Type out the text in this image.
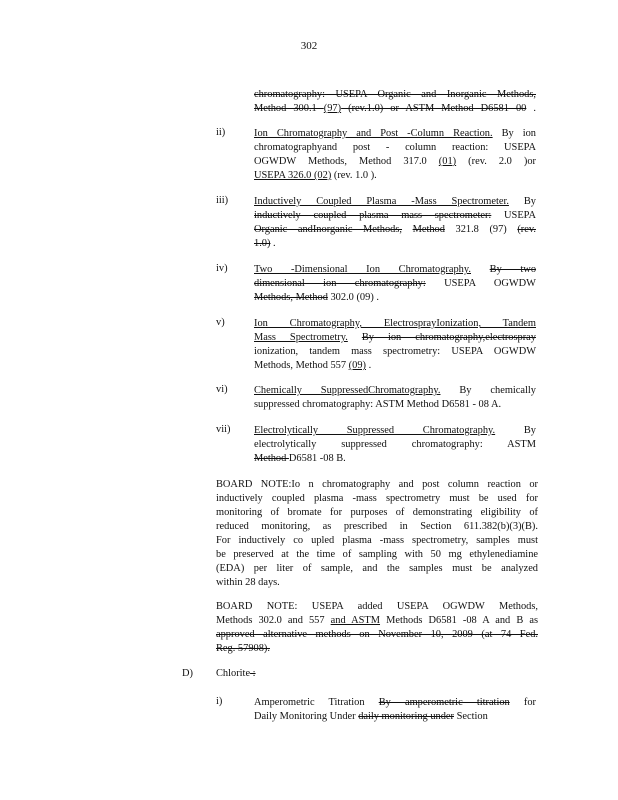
302
chromatography: USEPA Organic and Inorganic Methods,
Method 300.1 (97) (rev.1.0) or ASTM Method D6581 00 .
ii)	Ion Chromatography and Post -Column Reaction. By ion
chromatographyand post - column reaction: USEPA
OGWDW Methods, Method 317.0 (01) (rev. 2.0 )or
USEPA 326.0 (02) (rev. 1.0 ).
iii) Inductively Coupled Plasma -Mass Spectrometer. By
inductively coupled plasma mass spectrometer: USEPA
Organic andInorganic Methods, Method 321.8 (97) (rev.
1.0) .
iv)	Two -Dimensional Ion Chromatography. By two
dimensional ion chromatography: USEPA OGWDW
Methods, Method 302.0 (09) .
v)	Ion Chromatography, ElectrosprayIonization, Tandem
Mass Spectrometry. By ion chromatography,electrospray
ionization, tandem mass spectrometry: USEPA OGWDW
Methods, Method 557 (09) .
vi)	Chemically SuppressedChromatography. By chemically
suppressed chromatography: ASTM Method D6581 - 08 A.
vii) Electrolytically Suppressed Chromatography. By
electrolytically suppressed chromatography: ASTM
Method D6581 -08 B.
BOARD NOTE:Io n chromatography and post column reaction or
inductively coupled plasma -mass spectrometry must be used for
monitoring of bromate for purposes of demonstrating eligibility of
reduced monitoring, as prescribed in Section 611.382(b)(3)(B).
For inductively co upled plasma -mass spectrometry, samples must
be preserved at the time of sampling with 50 mg ethylenediamine
(EDA) per liter of sample, and the samples must be analyzed
within 28 days.
BOARD NOTE: USEPA added USEPA OGWDW Methods,
Methods 302.0 and 557 and ASTM Methods D6581 -08 A and B as
approved alternative methods on November 10, 2009 (at 74 Fed.
Reg. 57908).
D) Chlorite :
i)	Amperometric Titration By amperometric titration for
Daily Monitoring Under daily monitoring under Section
